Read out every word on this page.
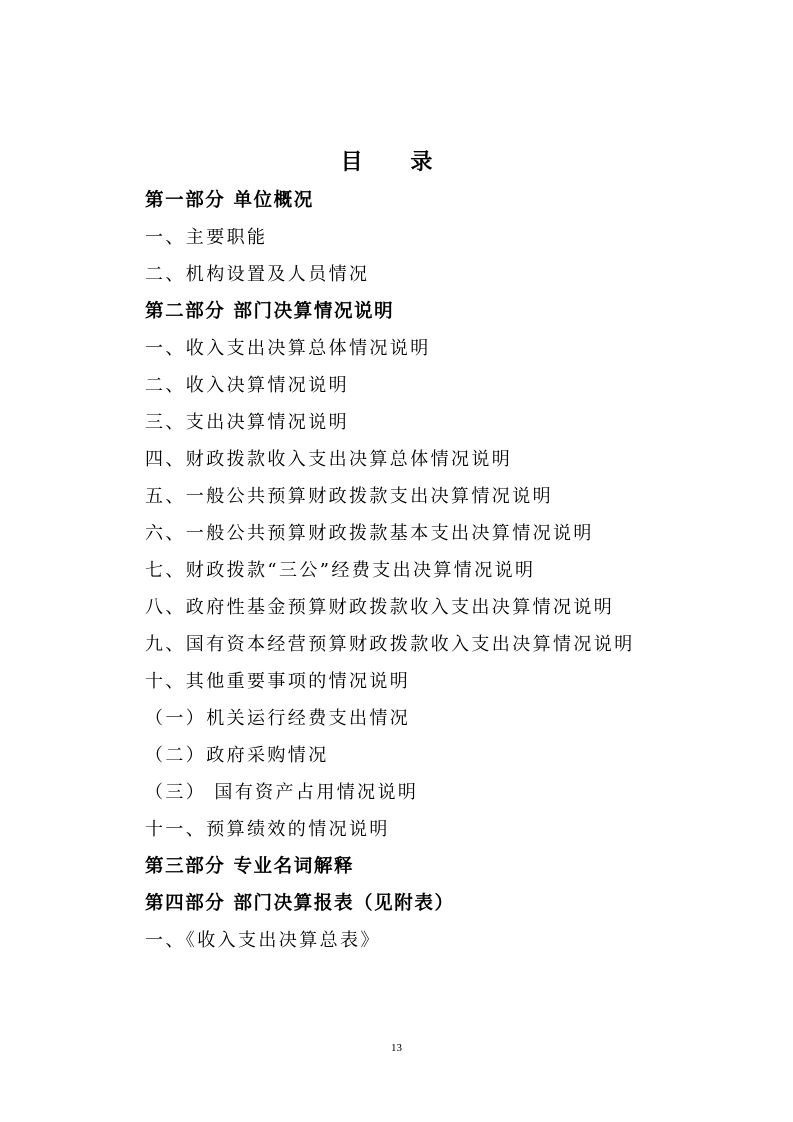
目 录
第一部分 单位概况
一、主要职能
二、机构设置及人员情况
第二部分 部门决算情况说明
一、收入支出决算总体情况说明
二、收入决算情况说明
三、支出决算情况说明
四、财政拨款收入支出决算总体情况说明
五、一般公共预算财政拨款支出决算情况说明
六、一般公共预算财政拨款基本支出决算情况说明
七、财政拨款“三公”经费支出决算情况说明
八、政府性基金预算财政拨款收入支出决算情况说明
九、国有资本经营预算财政拨款收入支出决算情况说明
十、其他重要事项的情况说明
（一）机关运行经费支出情况
（二）政府采购情况
（三） 国有资产占用情况说明
十一、预算绩效的情况说明
第三部分 专业名词解释
第四部分 部门决算报表（见附表）
一、《收入支出决算总表》
13
